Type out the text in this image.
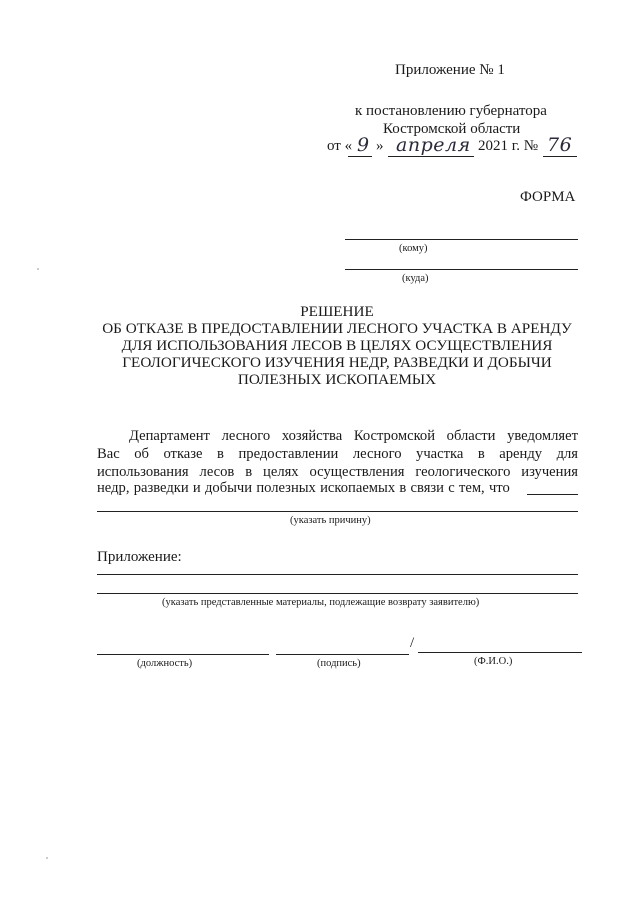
Приложение № 1
к постановлению губернатора
Костромской области
от « 9 » апреля 2021 г. № 76
ФОРМА
(кому)
(куда)
РЕШЕНИЕ
ОБ ОТКАЗЕ В ПРЕДОСТАВЛЕНИИ ЛЕСНОГО УЧАСТКА В АРЕНДУ
ДЛЯ ИСПОЛЬЗОВАНИЯ ЛЕСОВ В ЦЕЛЯХ ОСУЩЕСТВЛЕНИЯ
ГЕОЛОГИЧЕСКОГО ИЗУЧЕНИЯ НЕДР, РАЗВЕДКИ И ДОБЫЧИ
ПОЛЕЗНЫХ ИСКОПАЕМЫХ
Департамент лесного хозяйства Костромской области уведомляет
Вас об отказе в предоставлении лесного участка в аренду для
использования лесов в целях осуществления геологического изучения
недр, разведки и добычи полезных ископаемых в связи с тем, что
(указать причину)
Приложение:
(указать представленные материалы, подлежащие возврату заявителю)
/
(должность)	(подпись)	(Ф.И.О.)
